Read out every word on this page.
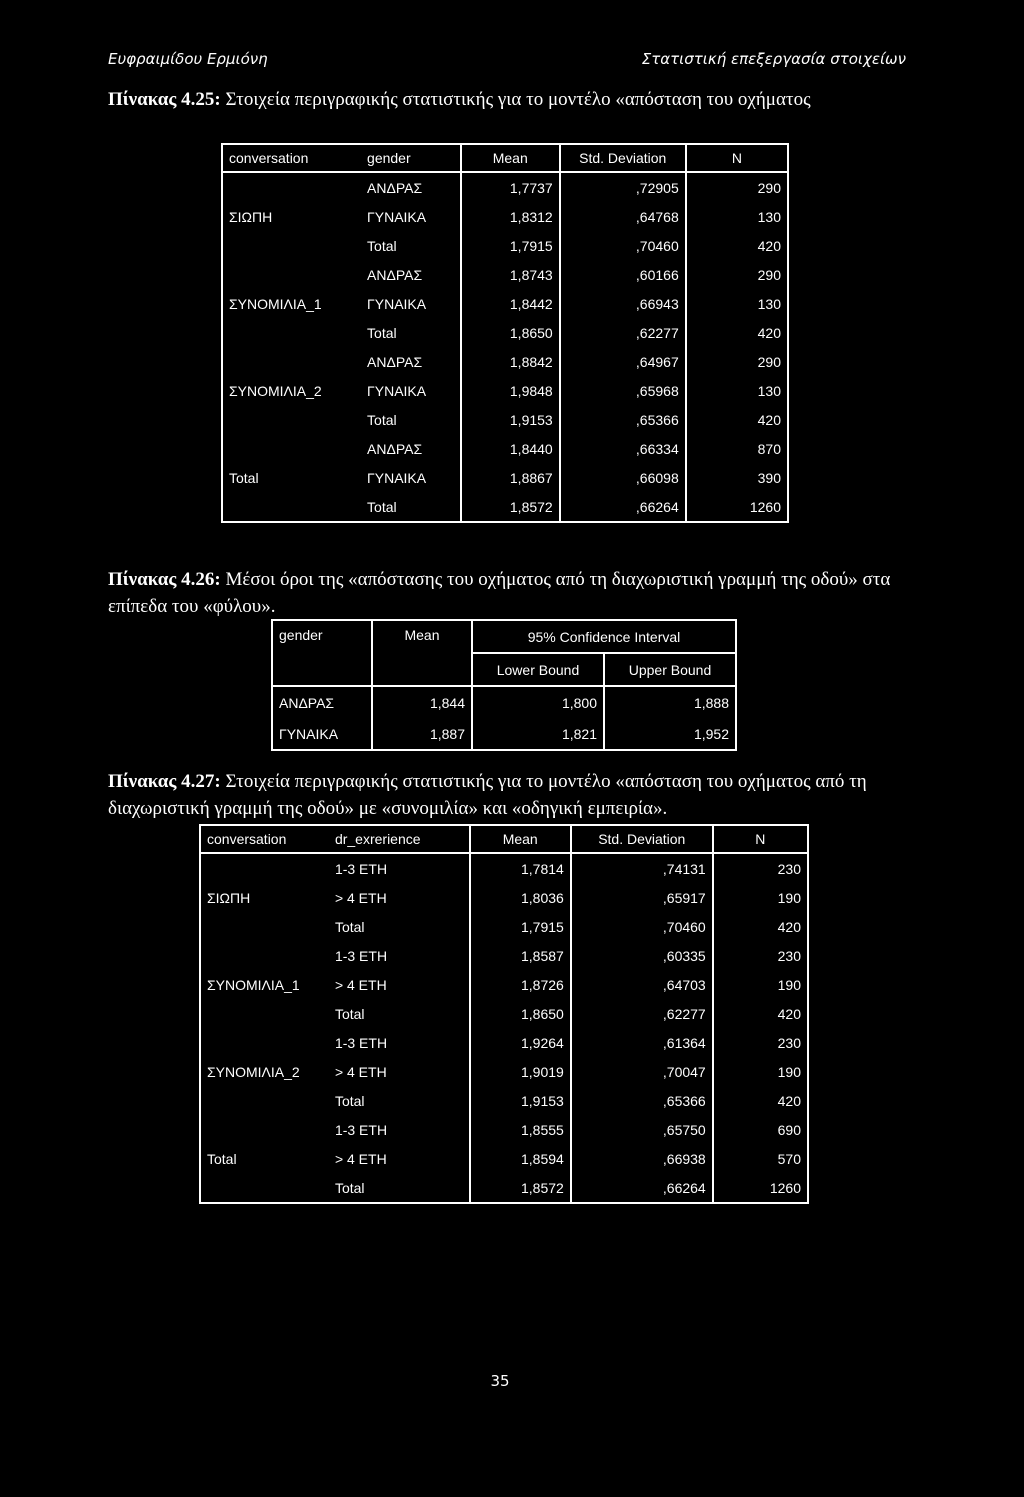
Ευφραιμίδου Ερμιόνη	Στατιστική επεξεργασία στοιχείων
Πίνακας 4.25: Στοιχεία περιγραφικής στατιστικής για το μοντέλο «απόσταση του οχήματος
conversation	gender	Mean	Std. Deviation	N
	ΑΝΔΡΑΣ	1,7737	,72905	290
ΣΙΩΠΗ	ΓΥΝΑΙΚΑ	1,8312	,64768	130
	Total	1,7915	,70460	420
	ΑΝΔΡΑΣ	1,8743	,60166	290
ΣΥΝΟΜΙΛΙΑ_1	ΓΥΝΑΙΚΑ	1,8442	,66943	130
	Total	1,8650	,62277	420
	ΑΝΔΡΑΣ	1,8842	,64967	290
ΣΥΝΟΜΙΛΙΑ_2	ΓΥΝΑΙΚΑ	1,9848	,65968	130
	Total	1,9153	,65366	420
	ΑΝΔΡΑΣ	1,8440	,66334	870
Total	ΓΥΝΑΙΚΑ	1,8867	,66098	390
	Total	1,8572	,66264	1260
Πίνακας 4.26: Μέσοι όροι της «απόστασης του οχήματος από τη διαχωριστική γραμμή της οδού» στα επίπεδα του «φύλου».
gender	Mean	95% Confidence Interval	
		Lower Bound	Upper Bound
ΑΝΔΡΑΣ	1,844	1,800	1,888
ΓΥΝΑΙΚΑ	1,887	1,821	1,952
Πίνακας 4.27: Στοιχεία περιγραφικής στατιστικής για το μοντέλο «απόσταση του οχήματος από τη διαχωριστική γραμμή της οδού» με «συνομιλία» και «οδηγική εμπειρία».
conversation	dr_exrerience	Mean	Std. Deviation	N
	1-3 ΕΤΗ	1,7814	,74131	230
ΣΙΩΠΗ	> 4 ΕΤΗ	1,8036	,65917	190
	Total	1,7915	,70460	420
	1-3 ΕΤΗ	1,8587	,60335	230
ΣΥΝΟΜΙΛΙΑ_1	> 4 ΕΤΗ	1,8726	,64703	190
	Total	1,8650	,62277	420
	1-3 ΕΤΗ	1,9264	,61364	230
ΣΥΝΟΜΙΛΙΑ_2	> 4 ΕΤΗ	1,9019	,70047	190
	Total	1,9153	,65366	420
	1-3 ΕΤΗ	1,8555	,65750	690
Total	> 4 ΕΤΗ	1,8594	,66938	570
	Total	1,8572	,66264	1260
35
